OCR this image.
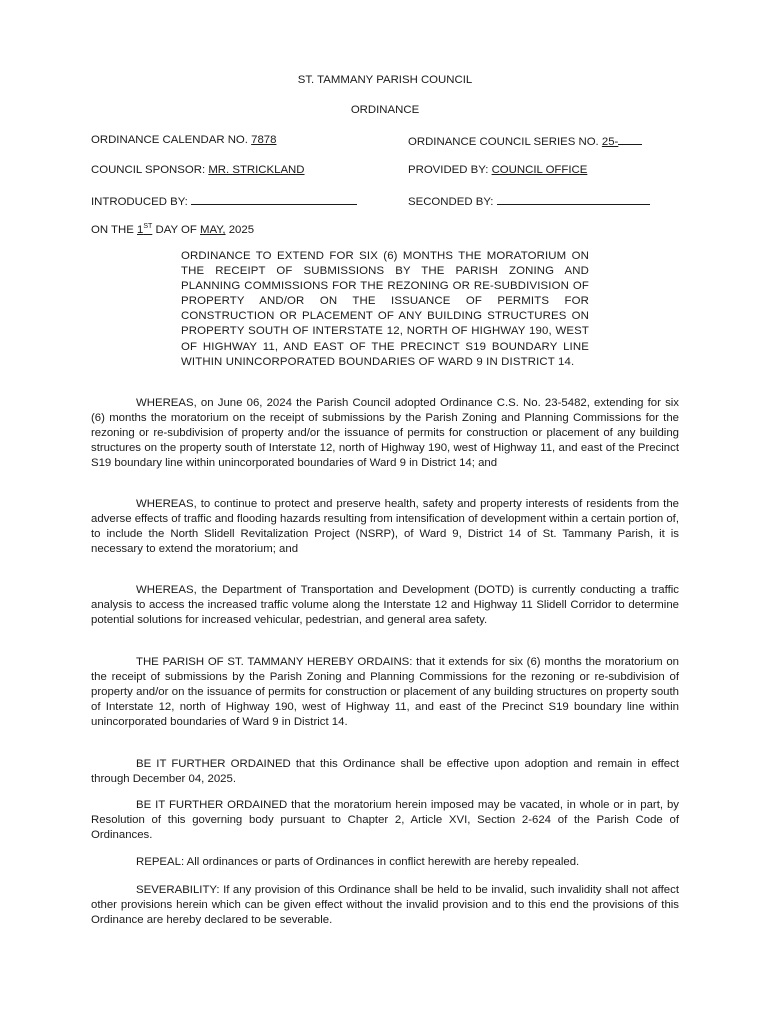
ST. TAMMANY PARISH COUNCIL
ORDINANCE
ORDINANCE CALENDAR NO. 7878	ORDINANCE COUNCIL SERIES NO. 25-
COUNCIL SPONSOR: MR. STRICKLAND	PROVIDED BY: COUNCIL OFFICE
INTRODUCED BY:	SECONDED BY:
ON THE 1ST DAY OF MAY, 2025
ORDINANCE TO EXTEND FOR SIX (6) MONTHS THE MORATORIUM ON THE RECEIPT OF SUBMISSIONS BY THE PARISH ZONING AND PLANNING COMMISSIONS FOR THE REZONING OR RE-SUBDIVISION OF PROPERTY AND/OR ON THE ISSUANCE OF PERMITS FOR CONSTRUCTION OR PLACEMENT OF ANY BUILDING STRUCTURES ON PROPERTY SOUTH OF INTERSTATE 12, NORTH OF HIGHWAY 190, WEST OF HIGHWAY 11, AND EAST OF THE PRECINCT S19 BOUNDARY LINE WITHIN UNINCORPORATED BOUNDARIES OF WARD 9 IN DISTRICT 14.
WHEREAS, on June 06, 2024 the Parish Council adopted Ordinance C.S. No. 23-5482, extending for six (6) months the moratorium on the receipt of submissions by the Parish Zoning and Planning Commissions for the rezoning or re-subdivision of property and/or the issuance of permits for construction or placement of any building structures on the property south of Interstate 12, north of Highway 190, west of Highway 11, and east of the Precinct S19 boundary line within unincorporated boundaries of Ward 9 in District 14; and
WHEREAS, to continue to protect and preserve health, safety and property interests of residents from the adverse effects of traffic and flooding hazards resulting from intensification of development within a certain portion of, to include the North Slidell Revitalization Project (NSRP), of Ward 9, District 14 of St. Tammany Parish, it is necessary to extend the moratorium; and
WHEREAS, the Department of Transportation and Development (DOTD) is currently conducting a traffic analysis to access the increased traffic volume along the Interstate 12 and Highway 11 Slidell Corridor to determine potential solutions for increased vehicular, pedestrian, and general area safety.
THE PARISH OF ST. TAMMANY HEREBY ORDAINS: that it extends for six (6) months the moratorium on the receipt of submissions by the Parish Zoning and Planning Commissions for the rezoning or re-subdivision of property and/or on the issuance of permits for construction or placement of any building structures on property south of Interstate 12, north of Highway 190, west of Highway 11, and east of the Precinct S19 boundary line within unincorporated boundaries of Ward 9 in District 14.
BE IT FURTHER ORDAINED that this Ordinance shall be effective upon adoption and remain in effect through December 04, 2025.
BE IT FURTHER ORDAINED that the moratorium herein imposed may be vacated, in whole or in part, by Resolution of this governing body pursuant to Chapter 2, Article XVI, Section 2-624 of the Parish Code of Ordinances.
REPEAL: All ordinances or parts of Ordinances in conflict herewith are hereby repealed.
SEVERABILITY: If any provision of this Ordinance shall be held to be invalid, such invalidity shall not affect other provisions herein which can be given effect without the invalid provision and to this end the provisions of this Ordinance are hereby declared to be severable.
